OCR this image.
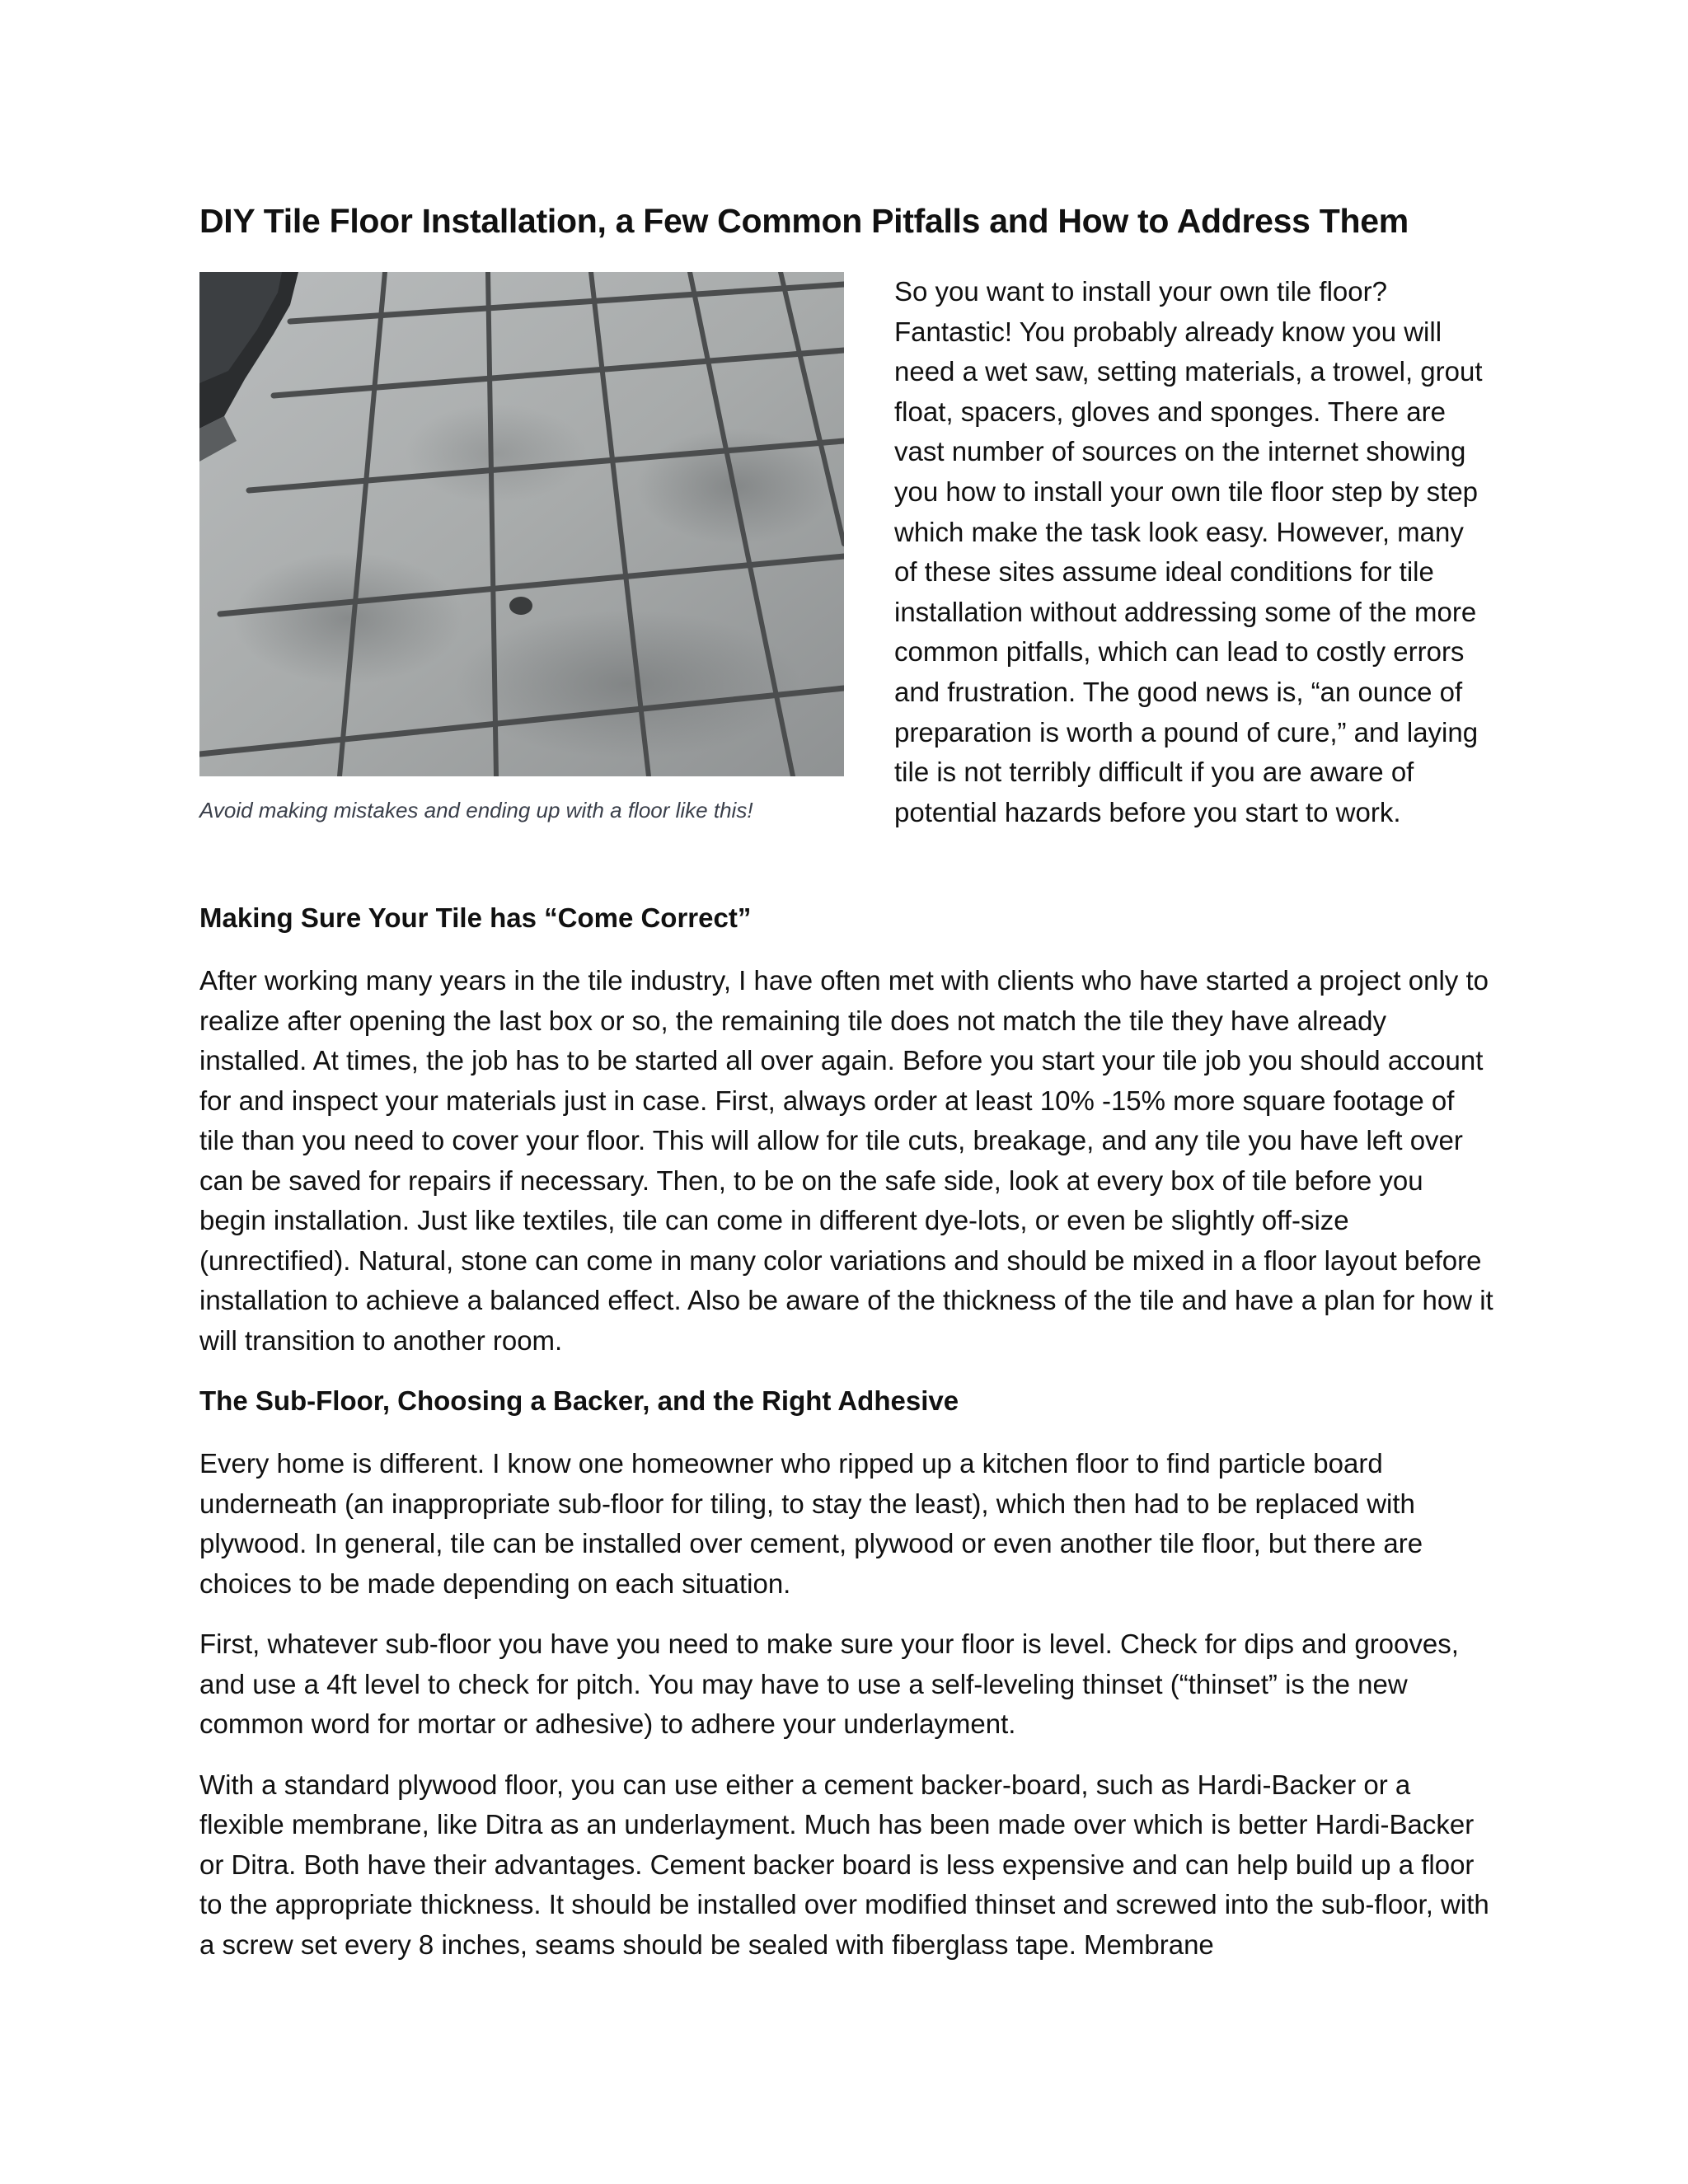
DIY Tile Floor Installation, a Few Common Pitfalls and How to Address Them
Avoid making mistakes and ending up with a floor like this!

So you want to install your own tile floor? Fantastic! You probably already know you will need a wet saw, setting materials, a trowel, grout float, spacers, gloves and sponges. There are vast number of sources on the internet showing you how to install your own tile floor step by step which make the task look easy. However, many of these sites assume ideal conditions for tile installation without addressing some of the more common pitfalls, which can lead to costly errors and frustration. The good news is, “an ounce of preparation is worth a pound of cure,” and laying tile is not terribly difficult if you are aware of potential hazards before you start to work.

Making Sure Your Tile has “Come Correct”

After working many years in the tile industry, I have often met with clients who have started a project only to realize after opening the last box or so, the remaining tile does not match the tile they have already installed. At times, the job has to be started all over again. Before you start your tile job you should account for and inspect your materials just in case. First, always order at least 10% -15% more square footage of tile than you need to cover your floor. This will allow for tile cuts, breakage, and any tile you have left over can be saved for repairs if necessary. Then, to be on the safe side, look at every box of tile before you begin installation. Just like textiles, tile can come in different dye-lots, or even be slightly off-size (unrectified). Natural, stone can come in many color variations and should be mixed in a floor layout before installation to achieve a balanced effect. Also be aware of the thickness of the tile and have a plan for how it will transition to another room.

The Sub-Floor, Choosing a Backer, and the Right Adhesive

Every home is different. I know one homeowner who ripped up a kitchen floor to find particle board underneath (an inappropriate sub-floor for tiling, to stay the least), which then had to be replaced with plywood. In general, tile can be installed over cement, plywood or even another tile floor, but there are choices to be made depending on each situation.

First, whatever sub-floor you have you need to make sure your floor is level. Check for dips and grooves, and use a 4ft level to check for pitch. You may have to use a self-leveling thinset (“thinset” is the new common word for mortar or adhesive) to adhere your underlayment.

With a standard plywood floor, you can use either a cement backer-board, such as Hardi-Backer or a flexible membrane, like Ditra as an underlayment. Much has been made over which is better Hardi-Backer or Ditra. Both have their advantages. Cement backer board is less expensive and can help build up a floor to the appropriate thickness. It should be installed over modified thinset and screwed into the sub-floor, with a screw set every 8 inches, seams should be sealed with fiberglass tape. Membrane
